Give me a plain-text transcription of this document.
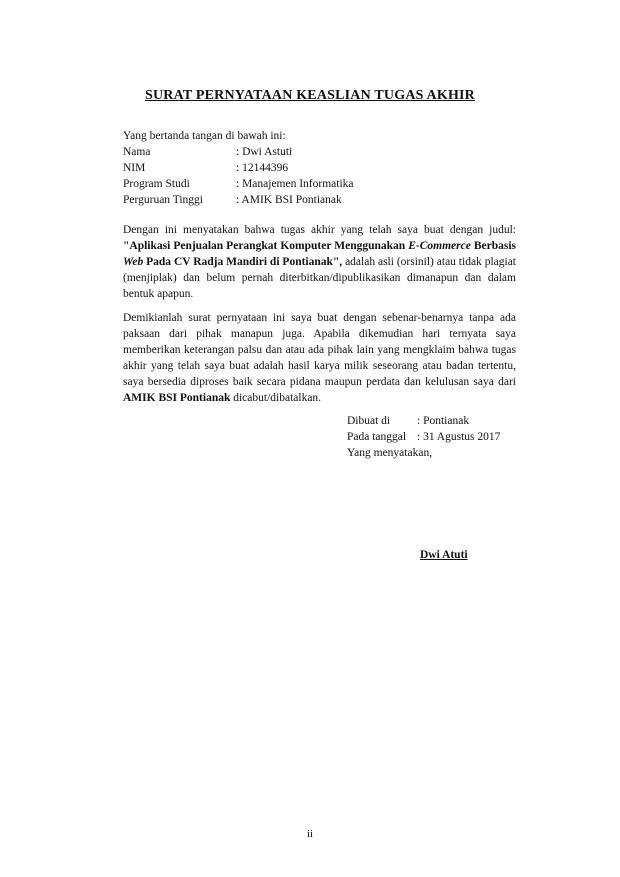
SURAT PERNYATAAN KEASLIAN TUGAS AKHIR
Yang bertanda tangan di bawah ini:
Nama	: Dwi Astuti
NIM	: 12144396
Program Studi	: Manajemen Informatika
Perguruan Tinggi	: AMIK BSI Pontianak
Dengan ini menyatakan bahwa tugas akhir yang telah saya buat dengan judul: "Aplikasi Penjualan Perangkat Komputer Menggunakan E-Commerce Berbasis Web Pada CV Radja Mandiri di Pontianak", adalah asli (orsinil) atau tidak plagiat (menjiplak) dan belum pernah diterbitkan/dipublikasikan dimanapun dan dalam bentuk apapun.
Demikianlah surat pernyataan ini saya buat dengan sebenar-benarnya tanpa ada paksaan dari pihak manapun juga. Apabila dikemudian hari ternyata saya memberikan keterangan palsu dan atau ada pihak lain yang mengklaim bahwa tugas akhir yang telah saya buat adalah hasil karya milik seseorang atau badan tertentu, saya bersedia diproses baik secara pidana maupun perdata dan kelulusan saya dari AMIK BSI Pontianak dicabut/dibatalkan.
Dibuat di : Pontianak
Pada tanggal : 31 Agustus 2017
Yang menyatakan,
Dwi Atuti
ii
